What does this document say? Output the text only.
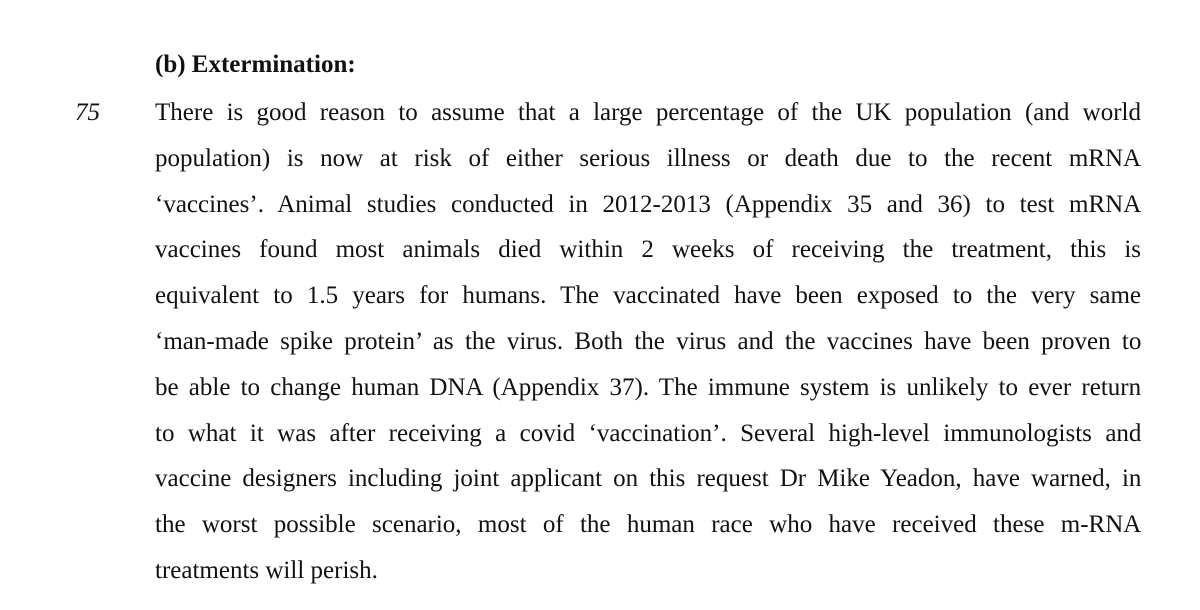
(b) Extermination:
75 There is good reason to assume that a large percentage of the UK population (and world
population) is now at risk of either serious illness or death due to the recent mRNA
‘vaccines’. Animal studies conducted in 2012-2013 (Appendix 35 and 36) to test mRNA
vaccines found most animals died within 2 weeks of receiving the treatment, this is
equivalent to 1.5 years for humans. The vaccinated have been exposed to the very same
‘man-made spike protein’ as the virus. Both the virus and the vaccines have been proven to
be able to change human DNA (Appendix 37). The immune system is unlikely to ever return
to what it was after receiving a covid ‘vaccination’. Several high-level immunologists and
vaccine designers including joint applicant on this request Dr Mike Yeadon, have warned, in
the worst possible scenario, most of the human race who have received these m-RNA
treatments will perish.
